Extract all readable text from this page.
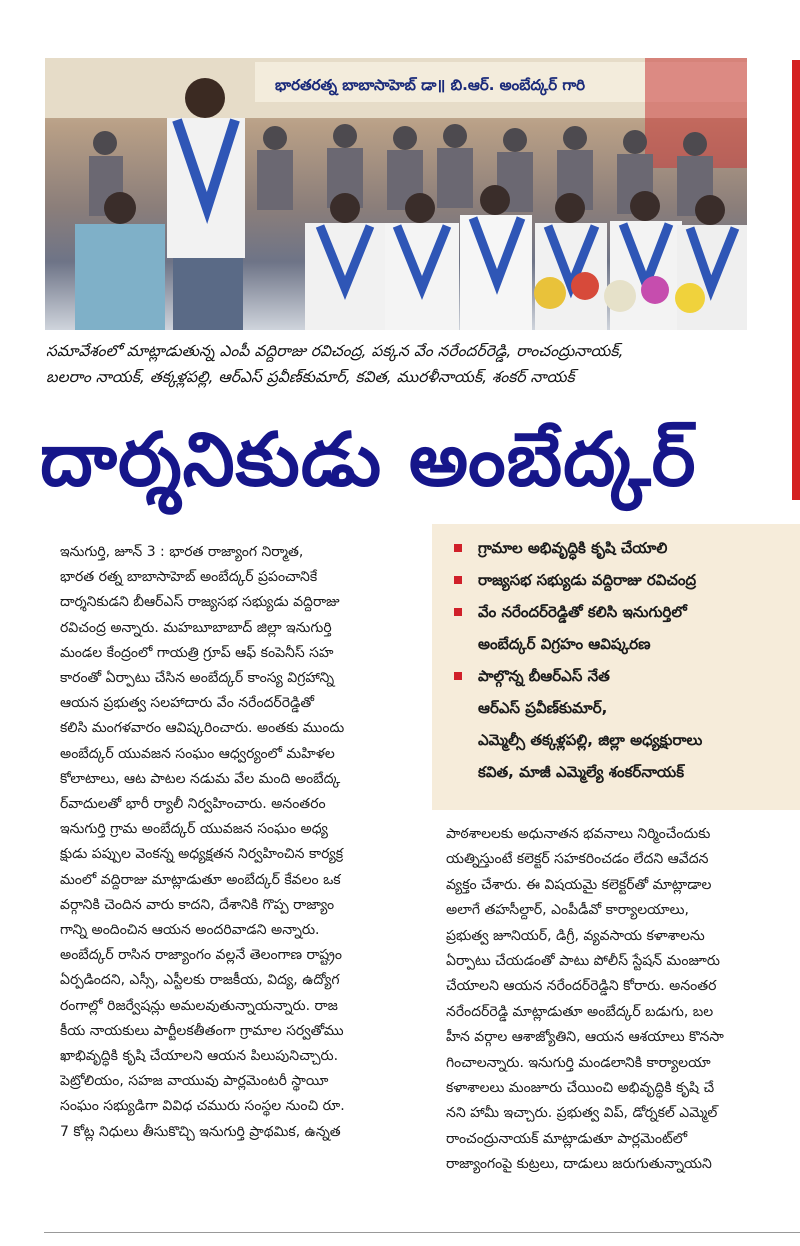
భారతరత్న బాబాసాహెబ్ డా॥ బి.ఆర్. అంబేద్కర్ గారి
సమావేశంలో మాట్లాడుతున్న ఎంపీ వద్దిరాజు రవిచంద్ర, పక్కన వేం నరేందర్‌రెడ్డి, రాంచంద్రునాయక్,
బలరాం నాయక్, తక్కళ్లపల్లి, ఆర్ఎస్ ప్రవీణ్‌కుమార్, కవిత, మురళీనాయక్, శంకర్ నాయక్
దార్శనికుడు అంబేద్కర్
ఇనుగుర్తి, జూన్ 3 : భారత రాజ్యాంగ నిర్మాత,
భారత రత్న బాబాసాహెబ్ అంబేద్కర్ ప్రపంచానికే
దార్శనికుడని బీఆర్ఎస్ రాజ్యసభ సభ్యుడు వద్దిరాజు
రవిచంద్ర అన్నారు. మహబూబాబాద్ జిల్లా ఇనుగుర్తి
మండల కేంద్రంలో గాయత్రి గ్రూప్ ఆఫ్ కంపెనీస్ సహ
కారంతో ఏర్పాటు చేసిన అంబేద్కర్ కాంస్య విగ్రహాన్ని
ఆయన ప్రభుత్వ సలహాదారు వేం నరేందర్‌రెడ్డితో
కలిసి మంగళవారం ఆవిష్కరించారు. అంతకు ముందు
అంబేద్కర్ యువజన సంఘం ఆధ్వర్యంలో మహిళల
కోలాటాలు, ఆట పాటల నడుమ వేల మంది అంబేద్క
ర్‌వాదులతో భారీ ర్యాలీ నిర్వహించారు. అనంతరం
ఇనుగుర్తి గ్రామ అంబేద్కర్ యువజన సంఘం అధ్య
క్షుడు పప్పుల వెంకన్న అధ్యక్షతన నిర్వహించిన కార్యక్ర
మంలో వద్దిరాజు మాట్లాడుతూ అంబేద్కర్ కేవలం ఒక
వర్గానికి చెందిన వారు కాదని, దేశానికి గొప్ప రాజ్యాం
గాన్ని అందించిన ఆయన అందరివాడని అన్నారు.
అంబేద్కర్ రాసిన రాజ్యాంగం వల్లనే తెలంగాణ రాష్ట్రం
ఏర్పడిందని, ఎస్సీ, ఎస్టీలకు రాజకీయ, విద్య, ఉద్యోగ
రంగాల్లో రిజర్వేషన్లు అమలవుతున్నాయన్నారు. రాజ
కీయ నాయకులు పార్టీలకతీతంగా గ్రామాల సర్వతోము
ఖాభివృద్ధికి కృషి చేయాలని ఆయన పిలుపునిచ్చారు.
పెట్రోలియం, సహజ వాయువు పార్లమెంటరీ స్థాయీ
సంఘం సభ్యుడిగా వివిధ చమురు సంస్థల నుంచి రూ.
7 కోట్ల నిధులు తీసుకొచ్చి ఇనుగుర్తి ప్రాథమిక, ఉన్నత
గ్రామాల అభివృద్ధికి కృషి చేయాలి
రాజ్యసభ సభ్యుడు వద్దిరాజు రవిచంద్ర
వేం నరేందర్‌రెడ్డితో కలిసి ఇనుగుర్తిలో
అంబేద్కర్ విగ్రహం ఆవిష్కరణ
పాల్గొన్న బీఆర్ఎస్ నేత
ఆర్ఎస్ ప్రవీణ్‌కుమార్,
ఎమ్మెల్సీ తక్కళ్లపల్లి, జిల్లా అధ్యక్షురాలు
కవిత, మాజీ ఎమ్మెల్యే శంకర్‌నాయక్
పాఠశాలలకు అధునాతన భవనాలు నిర్మించేందుకు
యత్నిస్తుంటే కలెక్టర్ సహకరించడం లేదని ఆవేదన
వ్యక్తం చేశారు. ఈ విషయమై కలెక్టర్‌తో మాట్లాడాల
అలాగే తహసీల్దార్, ఎంపీడీవో కార్యాలయాలు,
ప్రభుత్వ జూనియర్, డిగ్రీ, వ్యవసాయ కళాశాలను
ఏర్పాటు చేయడంతో పాటు పోలీస్ స్టేషన్ మంజూరు
చేయాలని ఆయన నరేందర్‌రెడ్డిని కోరారు. అనంతర
నరేందర్‌రెడ్డి మాట్లాడుతూ అంబేద్కర్ బడుగు, బల
హీన వర్గాల ఆశాజ్యోతిని, ఆయన ఆశయాలు కొనసా
గించాలన్నారు. ఇనుగుర్తి మండలానికి కార్యాలయా
కళాశాలలు మంజూరు చేయించి అభివృద్ధికి కృషి చే
నని హామీ ఇచ్చారు. ప్రభుత్వ విప్, డోర్నకల్ ఎమ్మెల్
రాంచంద్రునాయక్ మాట్లాడుతూ పార్లమెంట్‌లో
రాజ్యాంగంపై కుట్రలు, దాడులు జరుగుతున్నాయని
